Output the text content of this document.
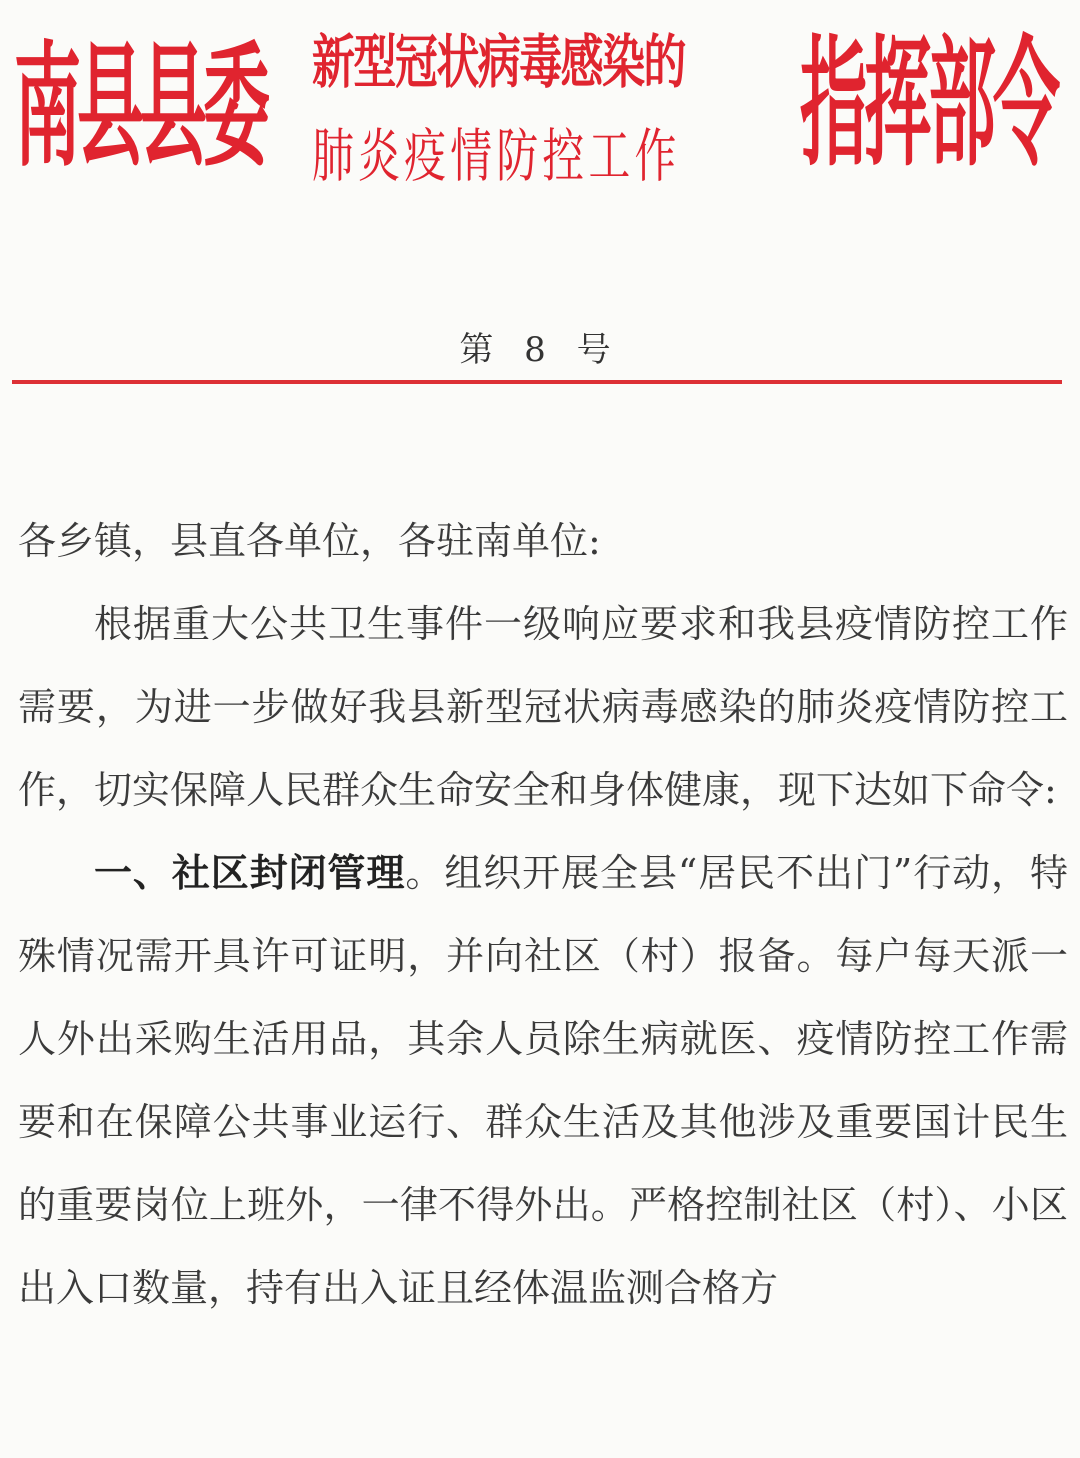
南县县委 新型冠状病毒感染的
肺炎疫情防控工作 指挥部令
第 8 号

各乡镇，县直各单位，各驻南单位:

根据重大公共卫生事件一级响应要求和我县疫情防控工作需要，为进一步做好我县新型冠状病毒感染的肺炎疫情防控工作，切实保障人民群众生命安全和身体健康，现下达如下命令:

一、社区封闭管理。组织开展全县“居民不出门”行动，特殊情况需开具许可证明，并向社区（村）报备。每户每天派一人外出采购生活用品，其余人员除生病就医、疫情防控工作需要和在保障公共事业运行、群众生活及其他涉及重要国计民生的重要岗位上班外，一律不得外出。严格控制社区（村）、小区出入口数量，持有出入证且经体温监测合格方
